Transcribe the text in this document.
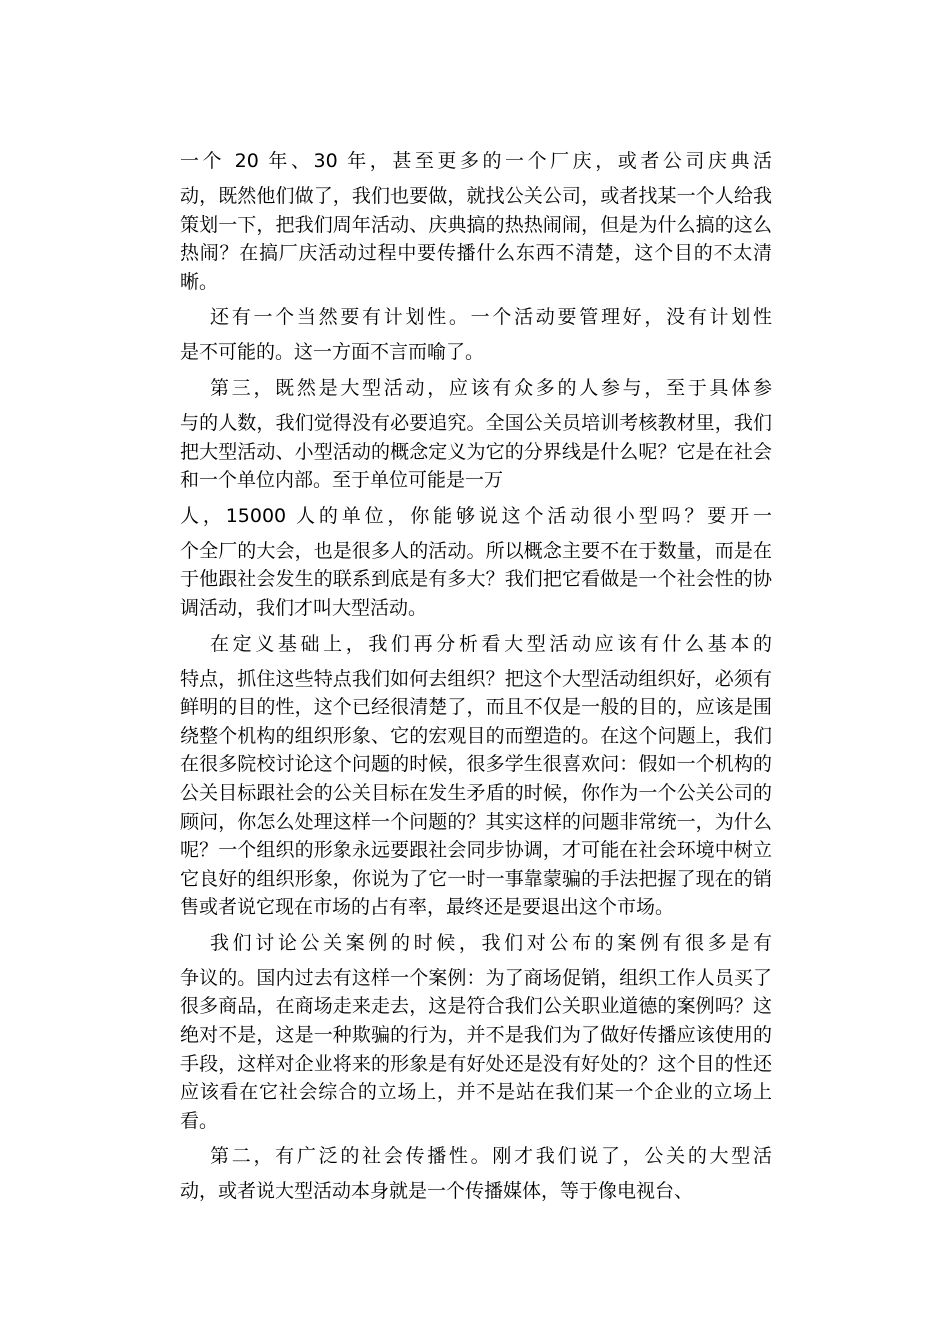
一个 20 年、30 年，甚至更多的一个厂庆，或者公司庆典活
动，既然他们做了，我们也要做，就找公关公司，或者找某一个人给我策划一下，把我们周年活动、庆典搞的热热闹闹，但是为什么搞的这么热闹？在搞厂庆活动过程中要传播什么东西不清楚，这个目的不太清晰。
还有一个当然要有计划性。一个活动要管理好，没有计划性
是不可能的。这一方面不言而喻了。
第三，既然是大型活动，应该有众多的人参与，至于具体参
与的人数，我们觉得没有必要追究。全国公关员培训考核教材里，我们把大型活动、小型活动的概念定义为它的分界线是什么呢？它是在社会和一个单位内部。至于单位可能是一万
人，15000 人的单位，你能够说这个活动很小型吗？要开一
个全厂的大会，也是很多人的活动。所以概念主要不在于数量，而是在于他跟社会发生的联系到底是有多大？我们把它看做是一个社会性的协调活动，我们才叫大型活动。
在定义基础上，我们再分析看大型活动应该有什么基本的
特点，抓住这些特点我们如何去组织？把这个大型活动组织好，必须有鲜明的目的性，这个已经很清楚了，而且不仅是一般的目的，应该是围绕整个机构的组织形象、它的宏观目的而塑造的。在这个问题上，我们在很多院校讨论这个问题的时候，很多学生很喜欢问：假如一个机构的公关目标跟社会的公关目标在发生矛盾的时候，你作为一个公关公司的顾问，你怎么处理这样一个问题的？其实这样的问题非常统一，为什么呢？一个组织的形象永远要跟社会同步协调，才可能在社会环境中树立它良好的组织形象，你说为了它一时一事靠蒙骗的手法把握了现在的销售或者说它现在市场的占有率，最终还是要退出这个市场。
我们讨论公关案例的时候，我们对公布的案例有很多是有
争议的。国内过去有这样一个案例：为了商场促销，组织工作人员买了很多商品，在商场走来走去，这是符合我们公关职业道德的案例吗？这绝对不是，这是一种欺骗的行为，并不是我们为了做好传播应该使用的手段，这样对企业将来的形象是有好处还是没有好处的？这个目的性还应该看在它社会综合的立场上，并不是站在我们某一个企业的立场上看。
第二，有广泛的社会传播性。刚才我们说了，公关的大型活
动，或者说大型活动本身就是一个传播媒体，等于像电视台、
